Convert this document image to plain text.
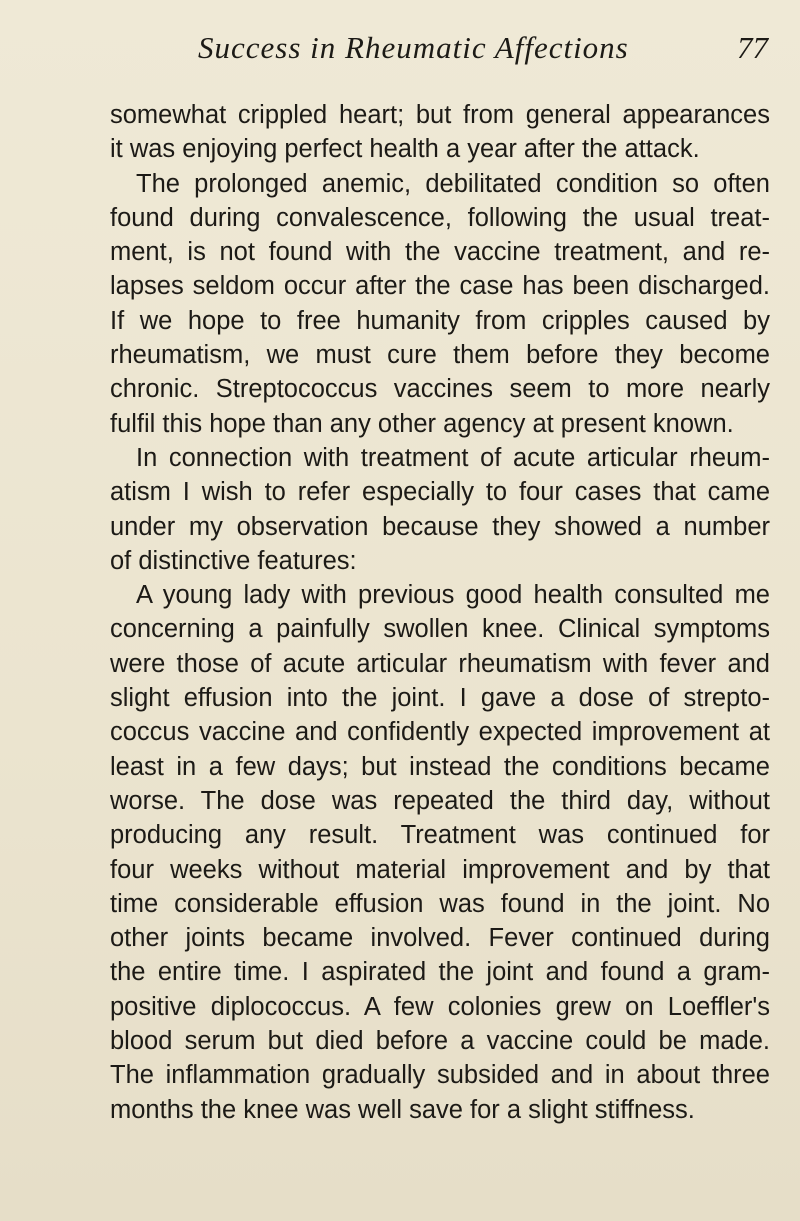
Success in Rheumatic Affections	77

somewhat crippled heart; but from general appearances
it was enjoying perfect health a year after the attack.

The prolonged anemic, debilitated condition so often
found during convalescence, following the usual treat-
ment, is not found with the vaccine treatment, and re-
lapses seldom occur after the case has been discharged.
If we hope to free humanity from cripples caused by
rheumatism, we must cure them before they become
chronic. Streptococcus vaccines seem to more nearly
fulfil this hope than any other agency at present known.

In connection with treatment of acute articular rheum-
atism I wish to refer especially to four cases that came
under my observation because they showed a number
of distinctive features:

A young lady with previous good health consulted me
concerning a painfully swollen knee. Clinical symptoms
were those of acute articular rheumatism with fever and
slight effusion into the joint. I gave a dose of strepto-
coccus vaccine and confidently expected improvement at
least in a few days; but instead the conditions became
worse. The dose was repeated the third day, without
producing any result. Treatment was continued for
four weeks without material improvement and by that
time considerable effusion was found in the joint. No
other joints became involved. Fever continued during
the entire time. I aspirated the joint and found a gram-
positive diplococcus. A few colonies grew on Loeffler's
blood serum but died before a vaccine could be made.
The inflammation gradually subsided and in about three
months the knee was well save for a slight stiffness.
